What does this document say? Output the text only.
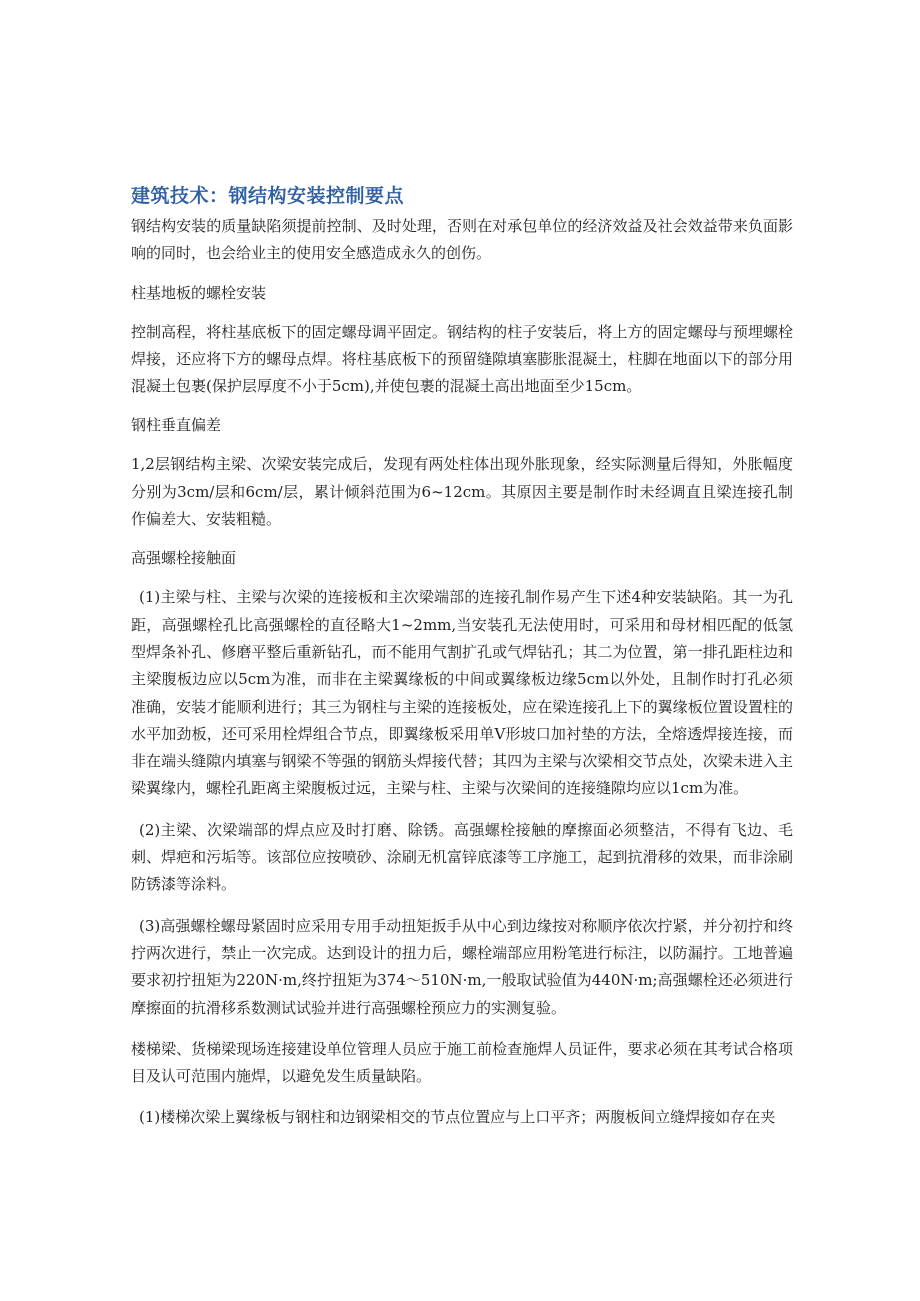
建筑技术：钢结构安装控制要点

钢结构安装的质量缺陷须提前控制、及时处理，否则在对承包单位的经济效益及社会效益带来负面影响的同时，也会给业主的使用安全感造成永久的创伤。

柱基地板的螺栓安装

控制高程，将柱基底板下的固定螺母调平固定。钢结构的柱子安装后，将上方的固定螺母与预埋螺栓焊接，还应将下方的螺母点焊。将柱基底板下的预留缝隙填塞膨胀混凝土，柱脚在地面以下的部分用混凝土包裹(保护层厚度不小于5cm),并使包裹的混凝土高出地面至少15cm。

钢柱垂直偏差

1,2层钢结构主梁、次梁安装完成后，发现有两处柱体出现外胀现象，经实际测量后得知，外胀幅度分别为3cm/层和6cm/层，累计倾斜范围为6~12cm。其原因主要是制作时未经调直且梁连接孔制作偏差大、安装粗糙。

高强螺栓接触面

(1)主梁与柱、主梁与次梁的连接板和主次梁端部的连接孔制作易产生下述4种安装缺陷。其一为孔距，高强螺栓孔比高强螺栓的直径略大1~2mm,当安装孔无法使用时，可采用和母材相匹配的低氢型焊条补孔、修磨平整后重新钻孔，而不能用气割扩孔或气焊钻孔；其二为位置，第一排孔距柱边和主梁腹板边应以5cm为准，而非在主梁翼缘板的中间或翼缘板边缘5cm以外处，且制作时打孔必须准确，安装才能顺利进行；其三为钢柱与主梁的连接板处，应在梁连接孔上下的翼缘板位置设置柱的水平加劲板，还可采用栓焊组合节点，即翼缘板采用单V形坡口加衬垫的方法，全熔透焊接连接，而非在端头缝隙内填塞与钢梁不等强的钢筋头焊接代替；其四为主梁与次梁相交节点处，次梁未进入主梁翼缘内，螺栓孔距离主梁腹板过远，主梁与柱、主梁与次梁间的连接缝隙均应以1cm为准。

(2)主梁、次梁端部的焊点应及时打磨、除锈。高强螺栓接触的摩擦面必须整洁，不得有飞边、毛刺、焊疤和污垢等。该部位应按喷砂、涂刷无机富锌底漆等工序施工，起到抗滑移的效果，而非涂刷防锈漆等涂料。

(3)高强螺栓螺母紧固时应采用专用手动扭矩扳手从中心到边缘按对称顺序依次拧紧，并分初拧和终拧两次进行，禁止一次完成。达到设计的扭力后，螺栓端部应用粉笔进行标注，以防漏拧。工地普遍要求初拧扭矩为220N·m,终拧扭矩为374～510N·m,一般取试验值为440N·m;高强螺栓还必须进行摩擦面的抗滑移系数测试试验并进行高强螺栓预应力的实测复验。

楼梯梁、货梯梁现场连接建设单位管理人员应于施工前检查施焊人员证件，要求必须在其考试合格项目及认可范围内施焊，以避免发生质量缺陷。

(1)楼梯次梁上翼缘板与钢柱和边钢梁相交的节点位置应与上口平齐；两腹板间立缝焊接如存在夹
